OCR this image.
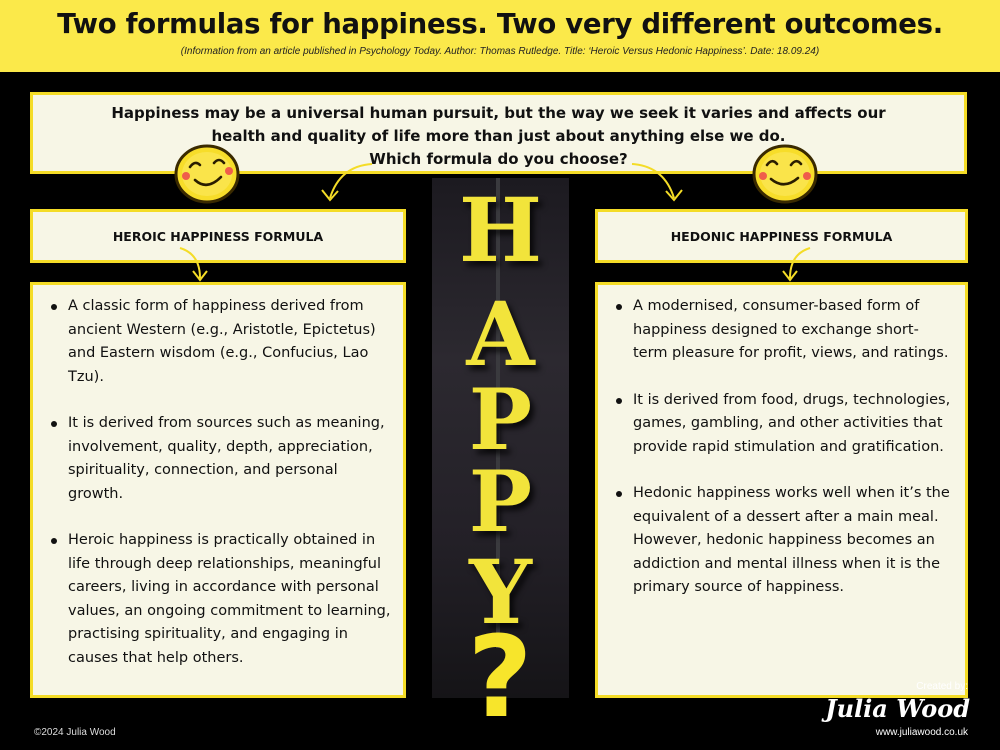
Two formulas for happiness. Two very different outcomes.
(Information from an article published in Psychology Today. Author: Thomas Rutledge. Title: ‘Heroic Versus Hedonic Happiness’. Date: 18.09.24)

Happiness may be a universal human pursuit, but the way we seek it varies and affects our

health and quality of life more than just about anything else we do.

Which formula do you choose?

HEROIC HAPPINESS FORMULA	HEDONIC HAPPINESS FORMULA
A classic form of happiness derived from ancient Western (e.g., Aristotle, Epictetus) and Eastern wisdom (e.g., Confucius, Lao Tzu).
It is derived from sources such as meaning, involvement, quality, depth, appreciation, spirituality, connection, and personal growth.
Heroic happiness is practically obtained in life through deep relationships, meaningful careers, living in accordance with personal values, an ongoing commitment to learning, practising spirituality, and engaging in causes that help others.
A modernised, consumer-based form of happiness designed to exchange short-term pleasure for profit, views, and ratings.
It is derived from food, drugs, technologies, games, gambling, and other activities that provide rapid stimulation and gratification.
Hedonic happiness works well when it’s the equivalent of a dessert after a main meal. However, hedonic happiness becomes an addiction and mental illness when it is the primary source of happiness.
H
A
P
P
Y
?
©2024 Julia Wood
Created by:
Julia Wood
www.juliawood.co.uk
